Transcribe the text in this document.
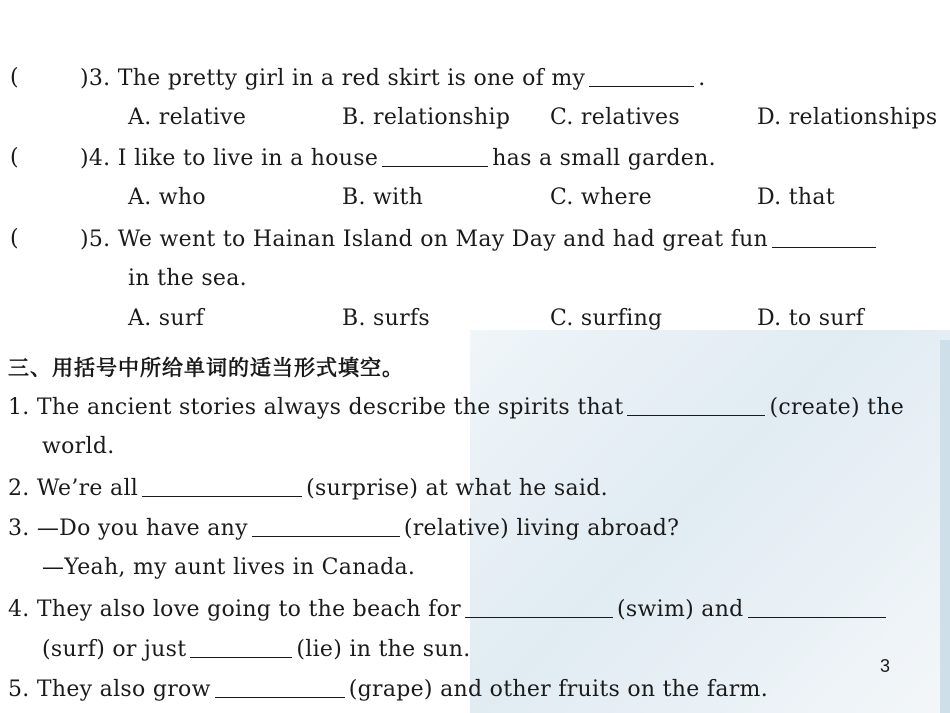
(	)3. The pretty girl in a red skirt is one of my	.
A. relative	B. relationship C. relatives	D. relationships
(	)4. I like to live in a house	has a small garden.
A. who	B. with	C. where	D. that
(	)5. We went to Hainan Island on May Day and had great fun
in the sea.
A. surf	B. surfs	C. surfing	D. to surf
三、用括号中所给单词的适当形式填空。
1. The ancient stories always describe the spirits that	(create) the
world.
2. We’re all	(surprise) at what he said.
3. —Do you have any	(relative) living abroad?
—Yeah, my aunt lives in Canada.
4. They also love going to the beach for	(swim) and
(surf) or just	(lie) in the sun.
5. They also grow	(grape) and other fruits on the farm.
3
